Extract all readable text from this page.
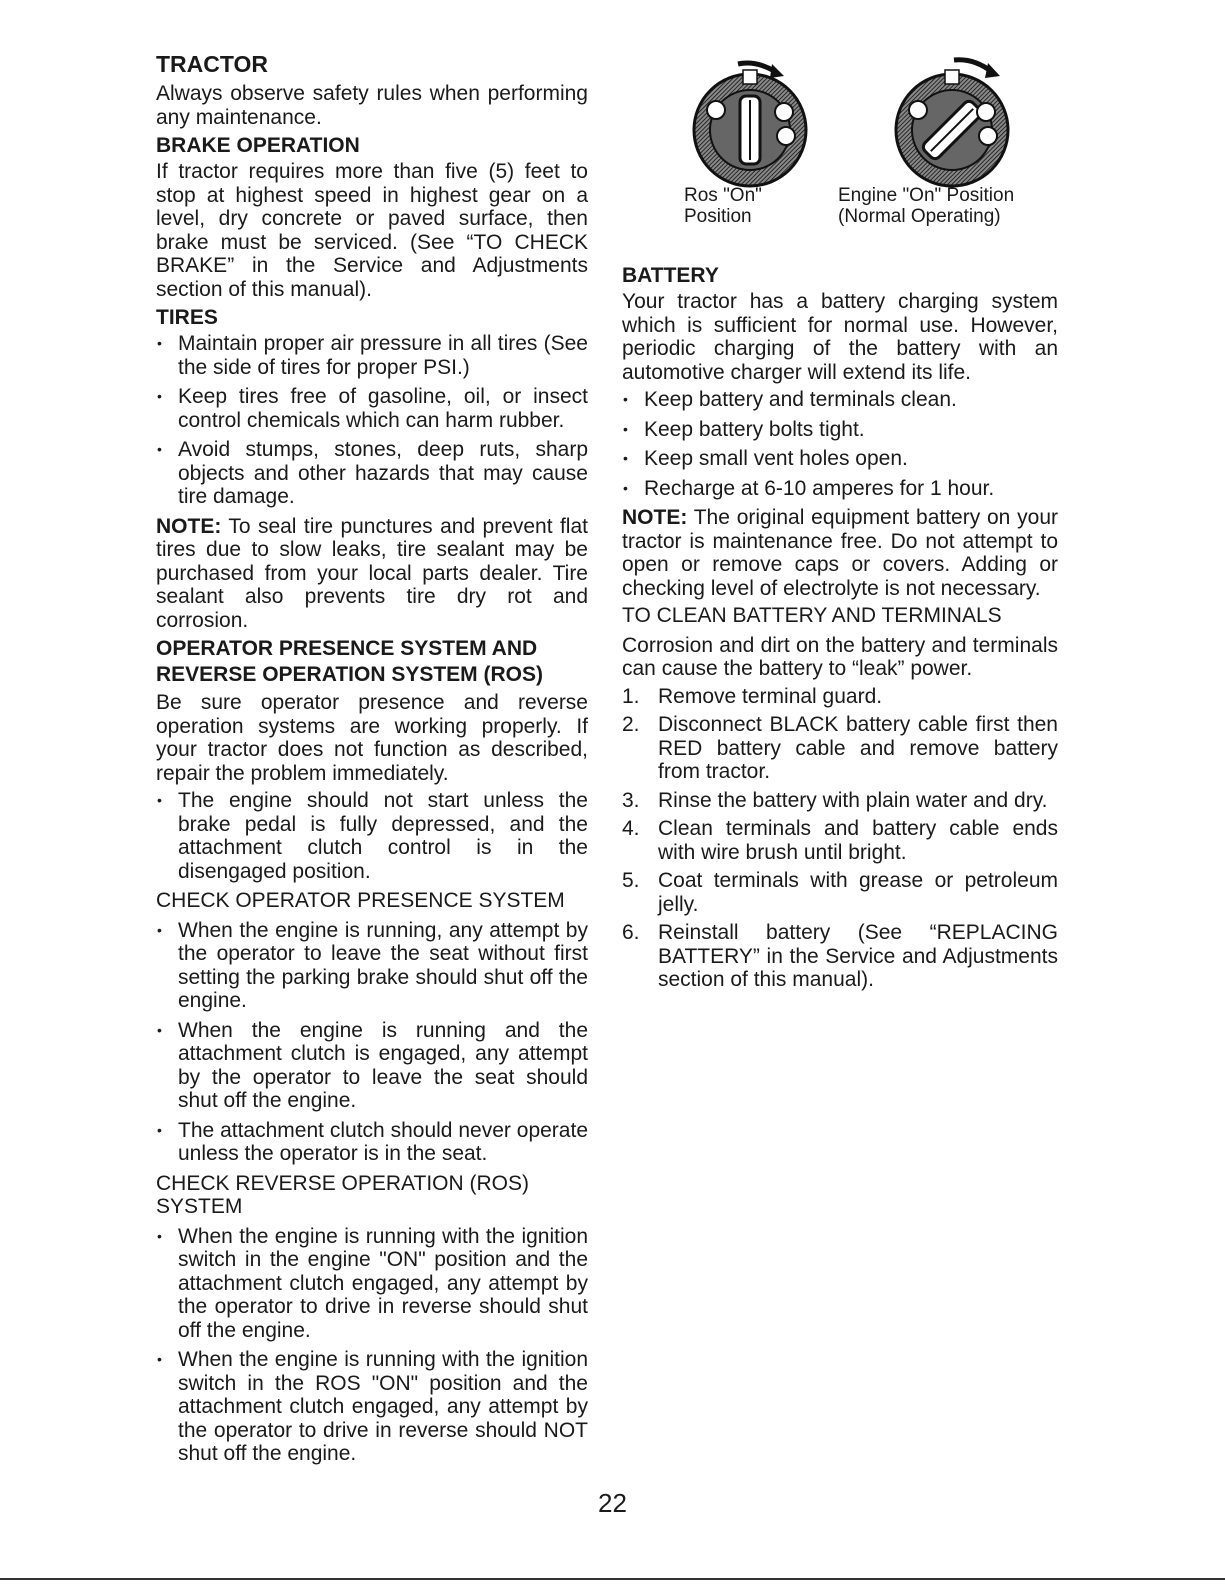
TRACTOR

Always observe safety rules when performing any maintenance.

BRAKE OPERATION

If tractor requires more than five (5) feet to stop at highest speed in highest gear on a level, dry concrete or paved surface, then brake must be serviced. (See “TO CHECK BRAKE” in the Service and Adjustments section of this manual).

TIRES
• Maintain proper air pressure in all tires (See the side of tires for proper PSI.)
• Keep tires free of gasoline, oil, or insect control chemicals which can harm rubber.
• Avoid stumps, stones, deep ruts, sharp objects and other hazards that may cause tire damage.

NOTE: To seal tire punctures and prevent flat tires due to slow leaks, tire sealant may be purchased from your local parts dealer. Tire sealant also prevents tire dry rot and corrosion.

OPERATOR PRESENCE SYSTEM AND REVERSE OPERATION SYSTEM (ROS)

Be sure operator presence and reverse operation systems are working properly. If your tractor does not function as described, repair the problem immediately.

• The engine should not start unless the brake pedal is fully depressed, and the attachment clutch control is in the disengaged position.
CHECK OPERATOR PRESENCE SYSTEM
• When the engine is running, any attempt by the operator to leave the seat without first setting the parking brake should shut off the engine.
• When the engine is running and the attachment clutch is engaged, any attempt by the operator to leave the seat should shut off the engine.
• The attachment clutch should never operate unless the operator is in the seat.
CHECK REVERSE OPERATION (ROS) SYSTEM
• When the engine is running with the ignition switch in the engine "ON" position and the attachment clutch engaged, any attempt by the operator to drive in reverse should shut off the engine.
• When the engine is running with the ignition switch in the ROS "ON" position and the attachment clutch engaged, any attempt by the operator to drive in reverse should NOT shut off the engine.
Ros "On"
Position
Engine "On" Position
(Normal Operating)
BATTERY

Your tractor has a battery charging system which is sufficient for normal use. However, periodic charging of the battery with an automotive charger will extend its life.

• Keep battery and terminals clean.
• Keep battery bolts tight.
• Keep small vent holes open.
• Recharge at 6-10 amperes for 1 hour.

NOTE: The original equipment battery on your tractor is maintenance free. Do not attempt to open or remove caps or covers. Adding or checking level of electrolyte is not necessary.

TO CLEAN BATTERY AND TERMINALS

Corrosion and dirt on the battery and terminals can cause the battery to “leak” power.

1. Remove terminal guard.
2. Disconnect BLACK battery cable first then RED battery cable and remove battery from tractor.
3. Rinse the battery with plain water and dry.
4. Clean terminals and battery cable ends with wire brush until bright.
5. Coat terminals with grease or petroleum jelly.
6. Reinstall battery (See “REPLACING BATTERY” in the Service and Adjustments section of this manual).
22
